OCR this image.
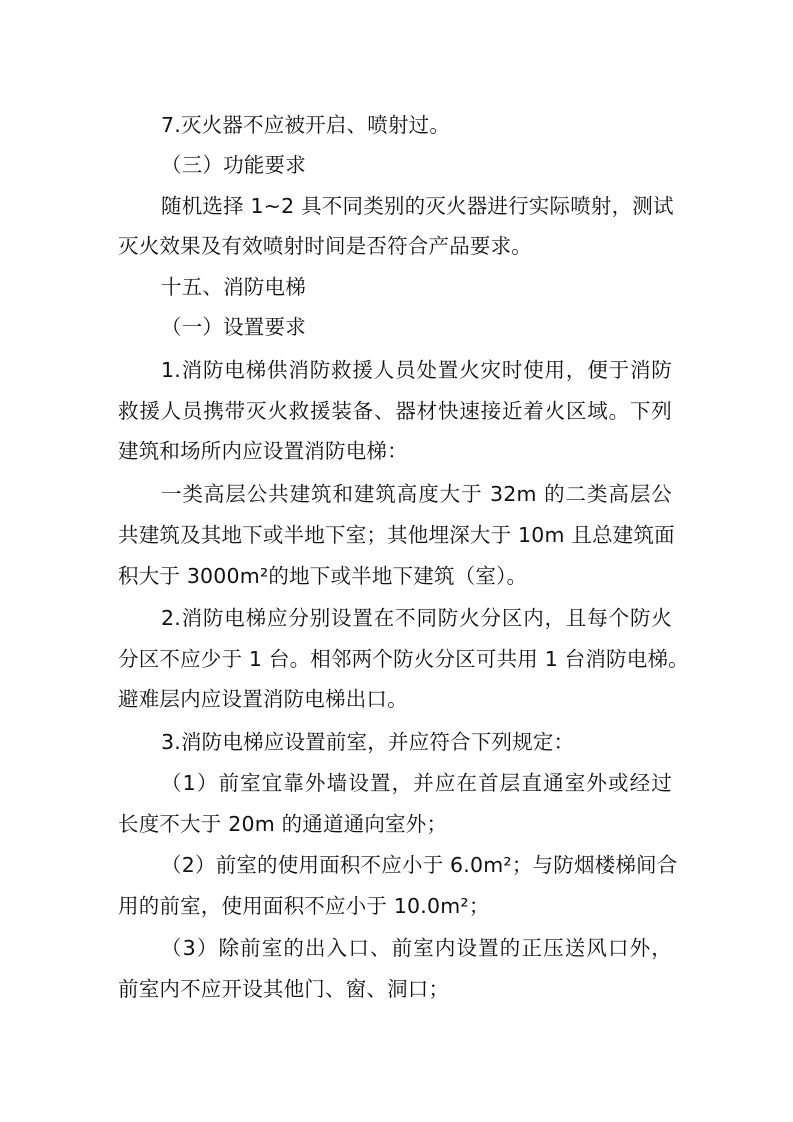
7.灭火器不应被开启、喷射过。
（三）功能要求
随机选择 1~2 具不同类别的灭火器进行实际喷射，测试
灭火效果及有效喷射时间是否符合产品要求。
十五、消防电梯
（一）设置要求
1.消防电梯供消防救援人员处置火灾时使用，便于消防
救援人员携带灭火救援装备、器材快速接近着火区域。下列
建筑和场所内应设置消防电梯：
一类高层公共建筑和建筑高度大于 32m 的二类高层公
共建筑及其地下或半地下室；其他埋深大于 10m 且总建筑面
积大于 3000m²的地下或半地下建筑（室）。
2.消防电梯应分别设置在不同防火分区内，且每个防火
分区不应少于 1 台。相邻两个防火分区可共用 1 台消防电梯。
避难层内应设置消防电梯出口。
3.消防电梯应设置前室，并应符合下列规定：
（1）前室宜靠外墙设置，并应在首层直通室外或经过
长度不大于 20m 的通道通向室外；
（2）前室的使用面积不应小于 6.0m²；与防烟楼梯间合
用的前室，使用面积不应小于 10.0m²；
（3）除前室的出入口、前室内设置的正压送风口外，
前室内不应开设其他门、窗、洞口；
